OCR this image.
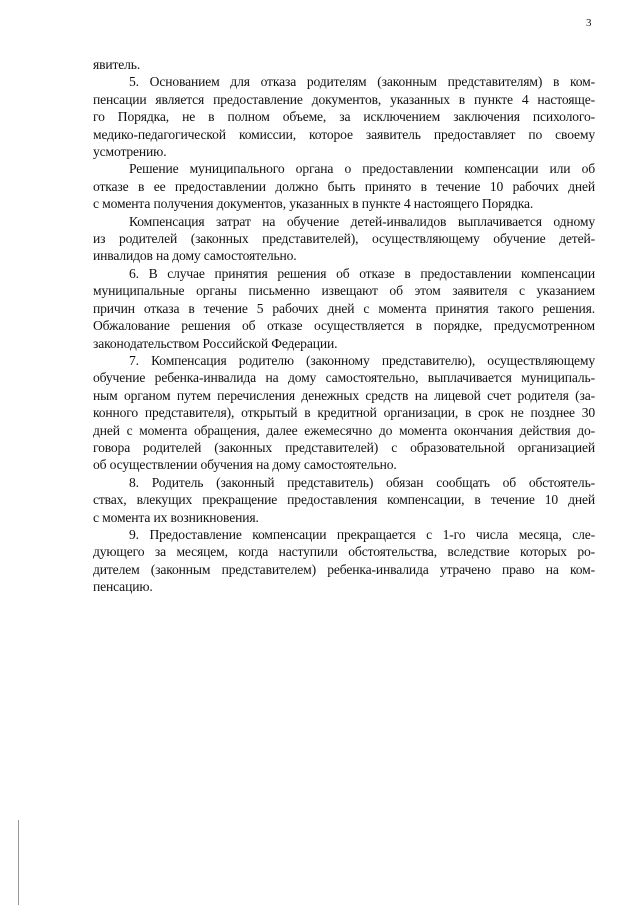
3
явитель.
5. Основанием для отказа родителям (законным представителям) в ком-
пенсации является предоставление документов, указанных в пункте 4 настояще-
го Порядка, не в полном объеме, за исключением заключения психолого-
медико-педагогической комиссии, которое заявитель предоставляет по своему
усмотрению.
Решение муниципального органа о предоставлении компенсации или об
отказе в ее предоставлении должно быть принято в течение 10 рабочих дней
с момента получения документов, указанных в пункте 4 настоящего Порядка.
Компенсация затрат на обучение детей-инвалидов выплачивается одному
из родителей (законных представителей), осуществляющему обучение детей-
инвалидов на дому самостоятельно.
6. В случае принятия решения об отказе в предоставлении компенсации
муниципальные органы письменно извещают об этом заявителя с указанием
причин отказа в течение 5 рабочих дней с момента принятия такого решения.
Обжалование решения об отказе осуществляется в порядке, предусмотренном
законодательством Российской Федерации.
7. Компенсация родителю (законному представителю), осуществляющему
обучение ребенка-инвалида на дому самостоятельно, выплачивается муниципаль-
ным органом путем перечисления денежных средств на лицевой счет родителя (за-
конного представителя), открытый в кредитной организации, в срок не позднее 30
дней с момента обращения, далее ежемесячно до момента окончания действия до-
говора родителей (законных представителей) с образовательной организацией
об осуществлении обучения на дому самостоятельно.
8. Родитель (законный представитель) обязан сообщать об обстоятель-
ствах, влекущих прекращение предоставления компенсации, в течение 10 дней
с момента их возникновения.
9. Предоставление компенсации прекращается с 1-го числа месяца, сле-
дующего за месяцем, когда наступили обстоятельства, вследствие которых ро-
дителем (законным представителем) ребенка-инвалида утрачено право на ком-
пенсацию.
